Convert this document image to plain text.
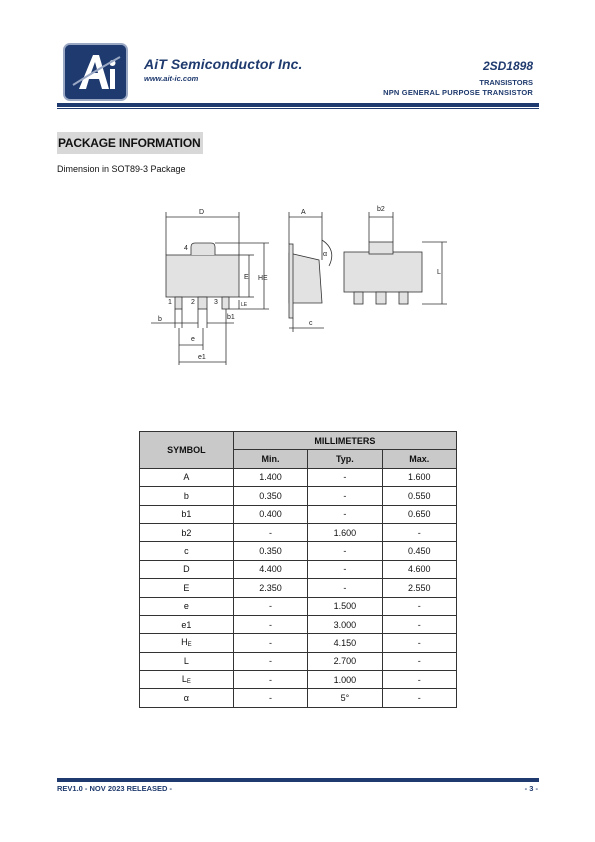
AiT Semiconductor Inc.
www.ait-ic.com
2SD1898
TRANSISTORS
NPN GENERAL PURPOSE TRANSISTOR
PACKAGE INFORMATION
Dimension in SOT89-3 Package
D	A	b2
4
E HE
LE
α
L
1	2	3
b	b1
c
e
e1
SYMBOL	MILLIMETERS		
	Min.	Typ.	Max.
A	1.400	-	1.600
b	0.350	-	0.550
b1	0.400	-	0.650
b2	-	1.600	-
c	0.350	-	0.450
D	4.400	-	4.600
E	2.350	-	2.550
e	-	1.500	-
e1	-	3.000	-
HE	-	4.150	-
L	-	2.700	-
LE	-	1.000	-
α	-	5°	-
REV1.0 - NOV 2023 RELEASED -	- 3 -
